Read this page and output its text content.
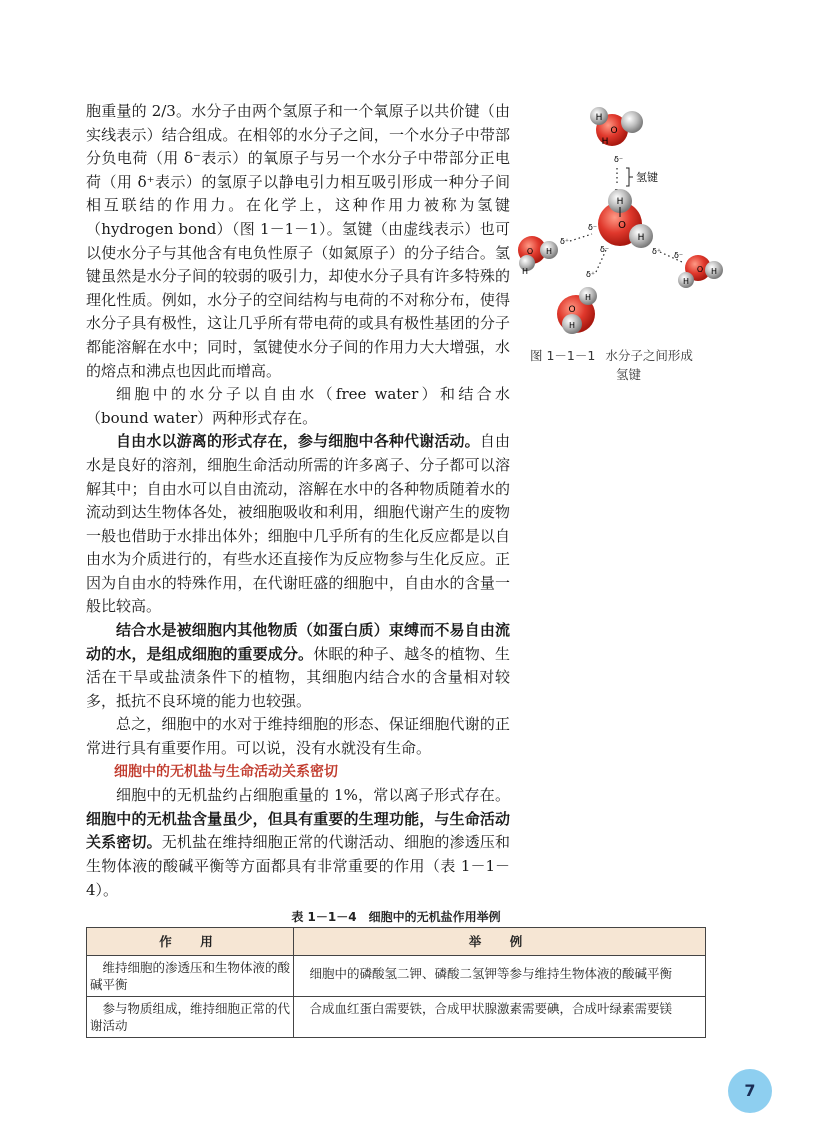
胞重量的 2/3。水分子由两个氢原子和一个氧原子以共价键（由实线表示）结合组成。在相邻的水分子之间，一个水分子中带部分负电荷（用 δ⁻表示）的氧原子与另一个水分子中带部分正电荷（用 δ⁺表示）的氢原子以静电引力相互吸引形成一种分子间相互联结的作用力。在化学上，这种作用力被称为氢键（hydrogen bond）（图 1－1－1）。氢键（由虚线表示）也可以使水分子与其他含有电负性原子（如氮原子）的分子结合。氢键虽然是水分子间的较弱的吸引力，却使水分子具有许多特殊的理化性质。例如，水分子的空间结构与电荷的不对称分布，使得水分子具有极性，这让几乎所有带电荷的或具有极性基团的分子都能溶解在水中；同时，氢键使水分子间的作用力大大增强，水的熔点和沸点也因此而增高。

细胞中的水分子以自由水（free water）和结合水（bound water）两种形式存在。

自由水以游离的形式存在，参与细胞中各种代谢活动。自由水是良好的溶剂，细胞生命活动所需的许多离子、分子都可以溶解其中；自由水可以自由流动，溶解在水中的各种物质随着水的流动到达生物体各处，被细胞吸收和利用，细胞代谢产生的废物一般也借助于水排出体外；细胞中几乎所有的生化反应都是以自由水为介质进行的，有些水还直接作为反应物参与生化反应。正因为自由水的特殊作用，在代谢旺盛的细胞中，自由水的含量一般比较高。

结合水是被细胞内其他物质（如蛋白质）束缚而不易自由流动的水，是组成细胞的重要成分。休眠的种子、越冬的植物、生活在干旱或盐渍条件下的植物，其细胞内结合水的含量相对较多，抵抗不良环境的能力也较强。

总之，细胞中的水对于维持细胞的形态、保证细胞代谢的正常进行具有重要作用。可以说，没有水就没有生命。

细胞中的无机盐与生命活动关系密切

细胞中的无机盐约占细胞重量的 1%，常以离子形式存在。细胞中的无机盐含量虽少，但具有重要的生理功能，与生命活动关系密切。无机盐在维持细胞正常的代谢活动、细胞的渗透压和生物体液的酸碱平衡等方面都具有非常重要的作用（表 1－1－4）。

H
O
H
δ⁻
氢键
H
O
H
O H
H
δ⁺
δ⁻
O H
H
δ⁺ δ⁻
H
O
H
δ⁺
δ⁻
图 1－1－1 水分子之间形成
氢键
表 1－1－4　细胞中的无机盐作用举例
作　用	举　例
维持细胞的渗透压和生物体液的酸碱平衡	细胞中的磷酸氢二钾、磷酸二氢钾等参与维持生物体液的酸碱平衡
参与物质组成，维持细胞正常的代谢活动	合成血红蛋白需要铁，合成甲状腺激素需要碘，合成叶绿素需要镁
7
